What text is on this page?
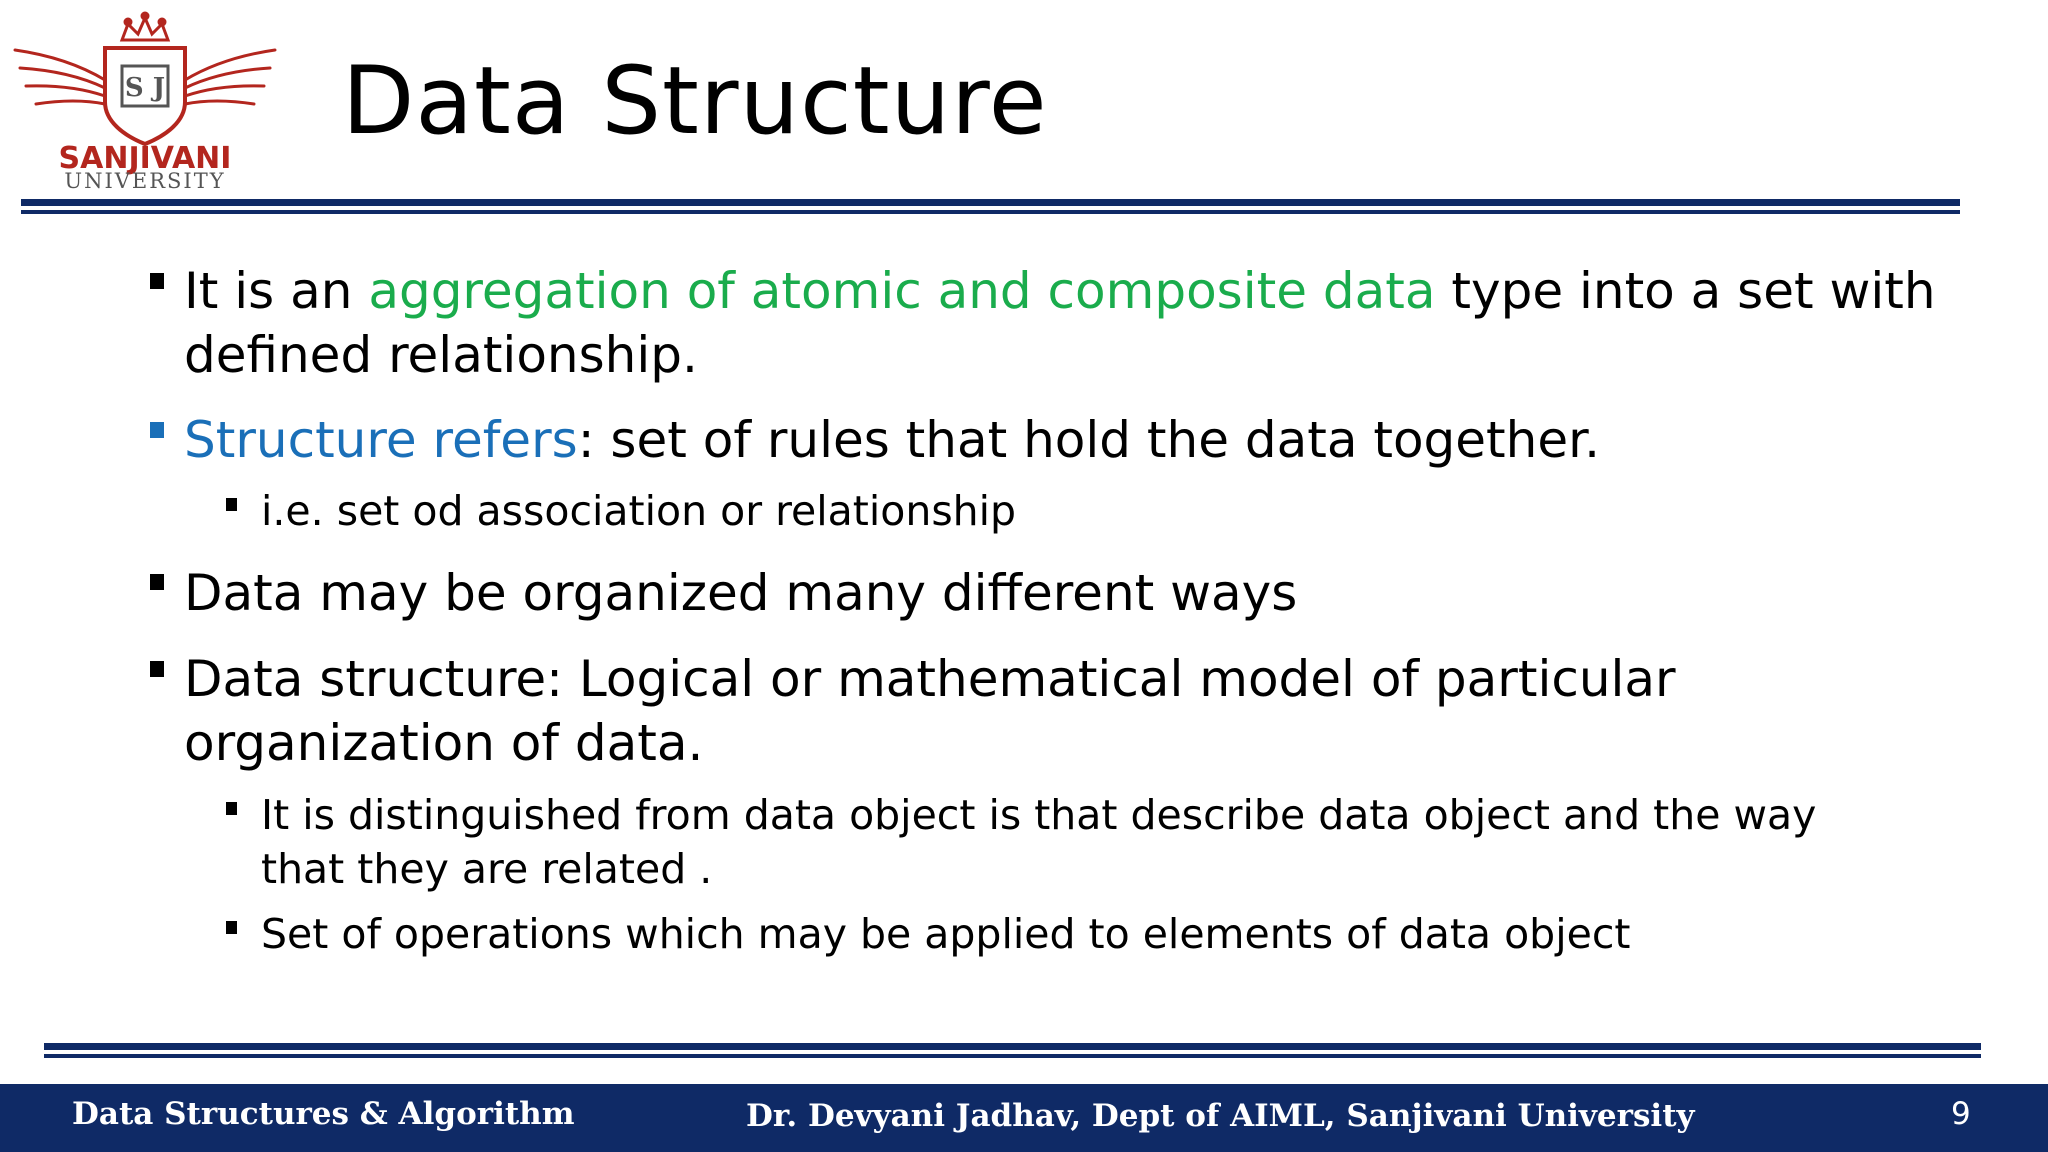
S J
SANJIVANI
UNIVERSITY
Data Structure
It is an aggregation of atomic and composite data type into a set with
defined relationship.
Structure refers: set of rules that hold the data together.
i.e. set od association or relationship
Data may be organized many different ways
Data structure: Logical or mathematical model of particular
organization of data.
It is distinguished from data object is that describe data object and the way
that they are related .
Set of operations which may be applied to elements of data object
Data Structures & Algorithm	Dr. Devyani Jadhav, Dept of AIML, Sanjivani University	9
